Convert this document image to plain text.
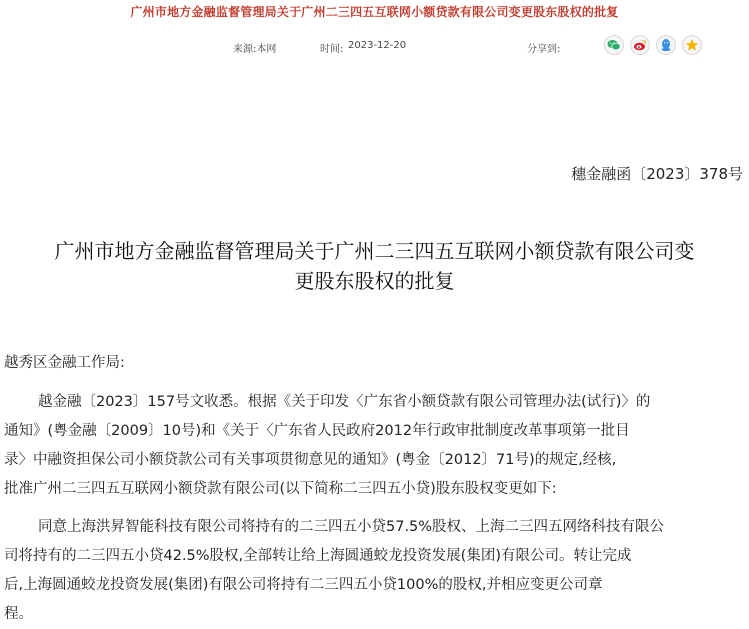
广州市地方金融监督管理局关于广州二三四五互联网小额贷款有限公司变更股东股权的批复
来源:本网	时间: 2023-12-20	分享到:
穗金融函〔2023〕378号
广州市地方金融监督管理局关于广州二三四五互联网小额贷款有限公司变
更股东股权的批复
越秀区金融工作局:
越金融〔2023〕157号文收悉。根据《关于印发〈广东省小额贷款有限公司管理办法(试行)〉的
通知》(粤金融〔2009〕10号)和《关于〈广东省人民政府2012年行政审批制度改革事项第一批目
录〉中融资担保公司小额贷款公司有关事项贯彻意见的通知》(粤金〔2012〕71号)的规定,经核,
批准广州二三四五互联网小额贷款有限公司(以下简称二三四五小贷)股东股权变更如下:
同意上海洪昇智能科技有限公司将持有的二三四五小贷57.5%股权、上海二三四五网络科技有限公
司将持有的二三四五小贷42.5%股权,全部转让给上海圆通蛟龙投资发展(集团)有限公司。转让完成
后,上海圆通蛟龙投资发展(集团)有限公司将持有二三四五小贷100%的股权,并相应变更公司章
程。
